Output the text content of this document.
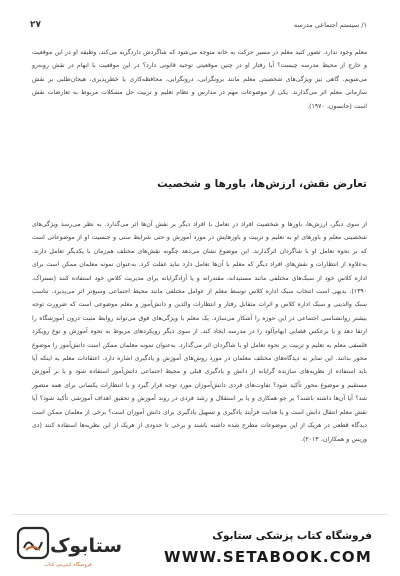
۱/ سیستم اجتماعی مدرسه
۲۷

معلم وجود ندارد. تصور کنید معلم در مسیر حرکت به خانه متوجه می‌شود که شاگردش داردگریه می‌کند، وظیفه او در این موقعیت و خارج از محیط مدرسه چیست؟ آیا رفتار او در چنین موقعیتی توجیه قانونی دارد؟ در این موقعیت با ابهام در نقش روبه‌رو می‌شویم. گاهی نیز ویژگی‌های شخصیتی معلم مانند برونگرایی، درونگرایی، محافظه‌کاری یا خطرپذیری، هیجان‌طلبی بر نقش سازمانی معلم اثر می‌گذارند. یکی از موضوعات مهم در مدارس و نظام تعلیم و تربیت حل مشکلات مربوط به تعارضات نقش است (جانسون، ۱۹۷۰).

تعارض نقش، ارزش‌ها، باورها و شخصیت

از سوی دیگر، ارزش‌ها، باورها و شخصیت افراد در تعامل با افراد دیگر بر نقش آن‌ها اثر می‌گذارد. به نظر می‌رسد ویژگی‌های شخصیتی معلم و باورهای او به تعلیم و تربیت و باورهایش در مورد آموزش و حتی شرایط سنی و جنسیت او از موضوعاتی است که بر نحوه تعامل او با شاگردان اثرگذارند. این موضوع نشان می‌دهد چگونه نقش‌های مختلف هم‌زمان با یکدیگر تعامل دارند. به‌علاوه از انتظارات و نقش‌های افراد دیگر که معلم با آن‌ها تعامل دارد نباید غفلت کرد. به‌عنوان نمونه معلمان ممکن است برای اداره کلاس خود از سبک‌های مختلفی مانند مستبدانه، مقتدرانه و یا آزادگرایانه برای مدیریت کلاس خود استفاده کنند (نستراک، ۱۳۹۰). بدیهی است انتخاب سبک اداره کلاس توسط معلم از عوامل مختلفی مانند محیط اجتماعی وسیع‌تر اثر می‌پذیرد. تناسب سبک والدینی و سبک اداره کلاس و اثرات متقابل رفتار و انتظارات والدین و دانش‌آموز و معلم موضوعی است که ضرورت توجه بیشتر روانشناسی اجتماعی در این حوزه را آشکار می‌سازد. یک معلم با ویژگی‌های فوق می‌تواند روابط مثبت درون آموزشگاه را ارتقا دهد و یا برعکس فضایی ابهام‌آلود را در مدرسه ایجاد کند. از سوی دیگر رویکردهای مربوط به نحوه آموزش و نوع رویکرد فلسفی معلم به تعلیم و تربیت بر نحوه تعامل او با شاگردان اثر می‌گذارد. به‌عنوان نمونه معلمان ممکن است دانش‌آموز را موضوع محور بدانند. این تمایز به دیدگاه‌های مختلف معلمان در مورد روش‌های آموزش و یادگیری اشاره دارد. اعتقادات معلم به اینکه آیا باید استفاده از نظریه‌های سازنده گرایانه از دانش و یادگیری قبلی و محیط اجتماعی دانش‌آموز استفاده شود و یا بر آموزش مستقیم و موضوع محور تأکید شود؟ تفاوت‌های فردی دانش‌آموزان مورد توجه قرار گیرد و یا انتظارات یکسانی برای همه متصور شد؟ آیا آن‌ها داشته باشند؟ بر جو همکاری و یا بر استقلال و رشد فردی در روند آموزش و تحقیق اهداف آموزشی تأکید شود؟ آیا نقش معلم انتقال دانش است و یا هدایت فرآیند یادگیری و تسهیل یادگیری برای دانش آموزان است؟ برخی از معلمان ممکن است دیدگاه قطعی در هریک از این موضوعات مطرح شده داشته باشند و برخی تا حدودی از هریک از این نظریه‌ها استفاده کنند (دی وریس و همکاران، ۲۰۱۳).

ستابوک
فروشگاه اینترنتی کتاب
فروشگاه کتاب پزشکی ستابوک
WWW.SETABOOK.COM
